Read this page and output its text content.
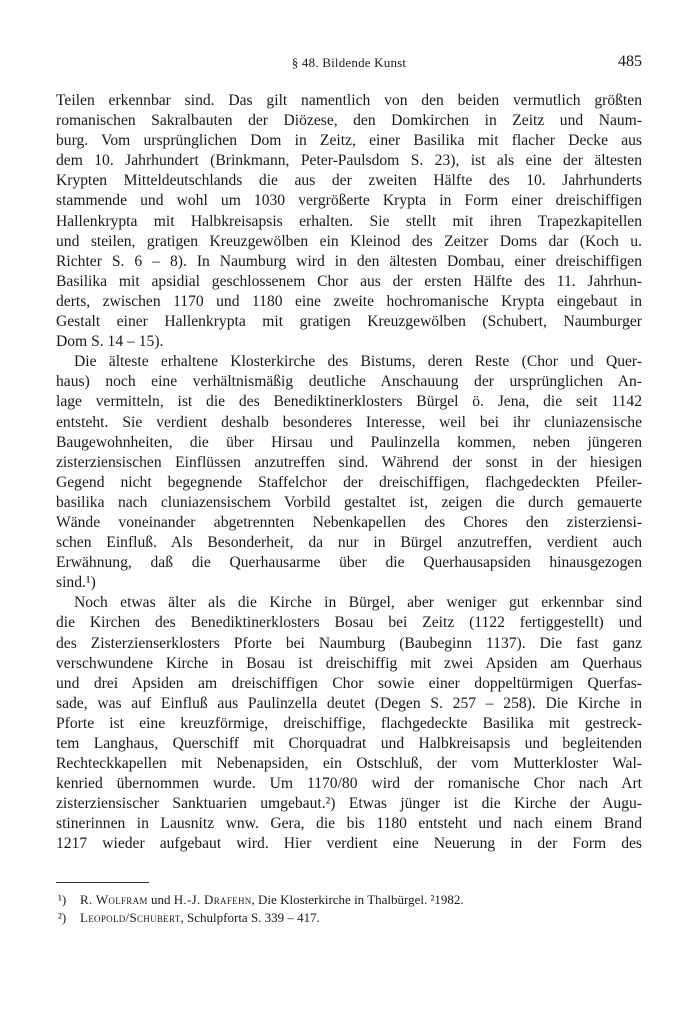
§ 48. Bildende Kunst	485
Teilen erkennbar sind. Das gilt namentlich von den beiden vermutlich größten
romanischen Sakralbauten der Diözese, den Domkirchen in Zeitz und Naum-
burg. Vom ursprünglichen Dom in Zeitz, einer Basilika mit flacher Decke aus
dem 10. Jahrhundert (Brinkmann, Peter-Paulsdom S. 23), ist als eine der ältesten
Krypten Mitteldeutschlands die aus der zweiten Hälfte des 10. Jahrhunderts
stammende und wohl um 1030 vergrößerte Krypta in Form einer dreischiffigen
Hallenkrypta mit Halbkreisapsis erhalten. Sie stellt mit ihren Trapezkapitellen
und steilen, gratigen Kreuzgewölben ein Kleinod des Zeitzer Doms dar (Koch u.
Richter S. 6 – 8). In Naumburg wird in den ältesten Dombau, einer dreischiffigen
Basilika mit apsidial geschlossenem Chor aus der ersten Hälfte des 11. Jahrhun-
derts, zwischen 1170 und 1180 eine zweite hochromanische Krypta eingebaut in
Gestalt einer Hallenkrypta mit gratigen Kreuzgewölben (Schubert, Naumburger
Dom S. 14 – 15).
Die älteste erhaltene Klosterkirche des Bistums, deren Reste (Chor und Quer-
haus) noch eine verhältnismäßig deutliche Anschauung der ursprünglichen An-
lage vermitteln, ist die des Benediktinerklosters Bürgel ö. Jena, die seit 1142
entsteht. Sie verdient deshalb besonderes Interesse, weil bei ihr cluniazensische
Baugewohnheiten, die über Hirsau und Paulinzella kommen, neben jüngeren
zisterziensischen Einflüssen anzutreffen sind. Während der sonst in der hiesigen
Gegend nicht begegnende Staffelchor der dreischiffigen, flachgedeckten Pfeiler-
basilika nach cluniazensischem Vorbild gestaltet ist, zeigen die durch gemauerte
Wände voneinander abgetrennten Nebenkapellen des Chores den zisterziensi-
schen Einfluß. Als Besonderheit, da nur in Bürgel anzutreffen, verdient auch
Erwähnung, daß die Querhausarme über die Querhausapsiden hinausgezogen
sind.¹)
Noch etwas älter als die Kirche in Bürgel, aber weniger gut erkennbar sind
die Kirchen des Benediktinerklosters Bosau bei Zeitz (1122 fertiggestellt) und
des Zisterzienserklosters Pforte bei Naumburg (Baubeginn 1137). Die fast ganz
verschwundene Kirche in Bosau ist dreischiffig mit zwei Apsiden am Querhaus
und drei Apsiden am dreischiffigen Chor sowie einer doppeltürmigen Querfas-
sade, was auf Einfluß aus Paulinzella deutet (Degen S. 257 – 258). Die Kirche in
Pforte ist eine kreuzförmige, dreischiffige, flachgedeckte Basilika mit gestreck-
tem Langhaus, Querschiff mit Chorquadrat und Halbkreisapsis und begleitenden
Rechteckkapellen mit Nebenapsiden, ein Ostschluß, der vom Mutterkloster Wal-
kenried übernommen wurde. Um 1170/80 wird der romanische Chor nach Art
zisterziensischer Sanktuarien umgebaut.²) Etwas jünger ist die Kirche der Augu-
stinerinnen in Lausnitz wnw. Gera, die bis 1180 entsteht und nach einem Brand
1217 wieder aufgebaut wird. Hier verdient eine Neuerung in der Form des
¹) R. Wolfram und H.-J. Drafehn, Die Klosterkirche in Thalbürgel. ²1982.
²) Leopold/Schubert, Schulpforta S. 339 – 417.
